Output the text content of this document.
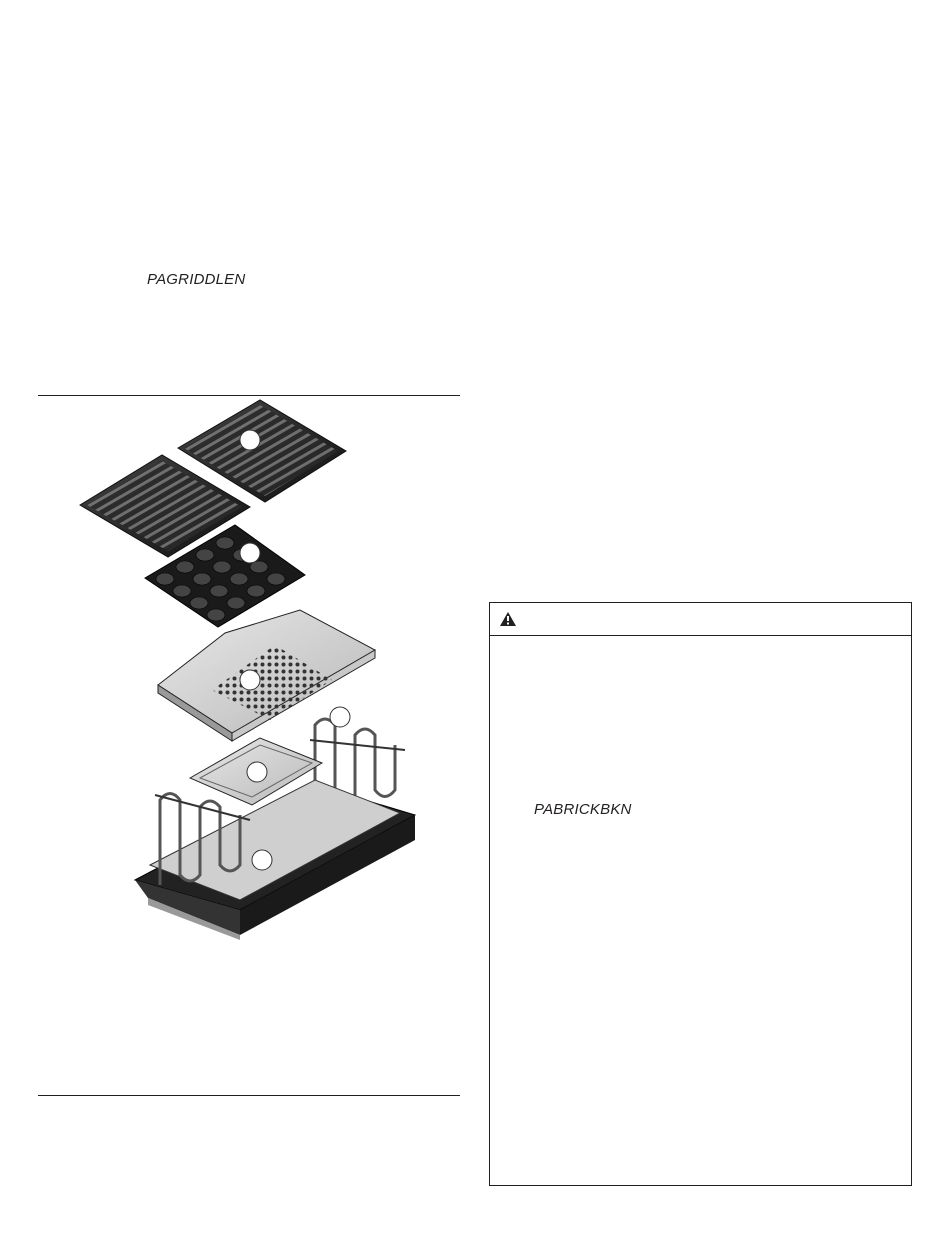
PAGRIDDLEN
PABRICKBKN
